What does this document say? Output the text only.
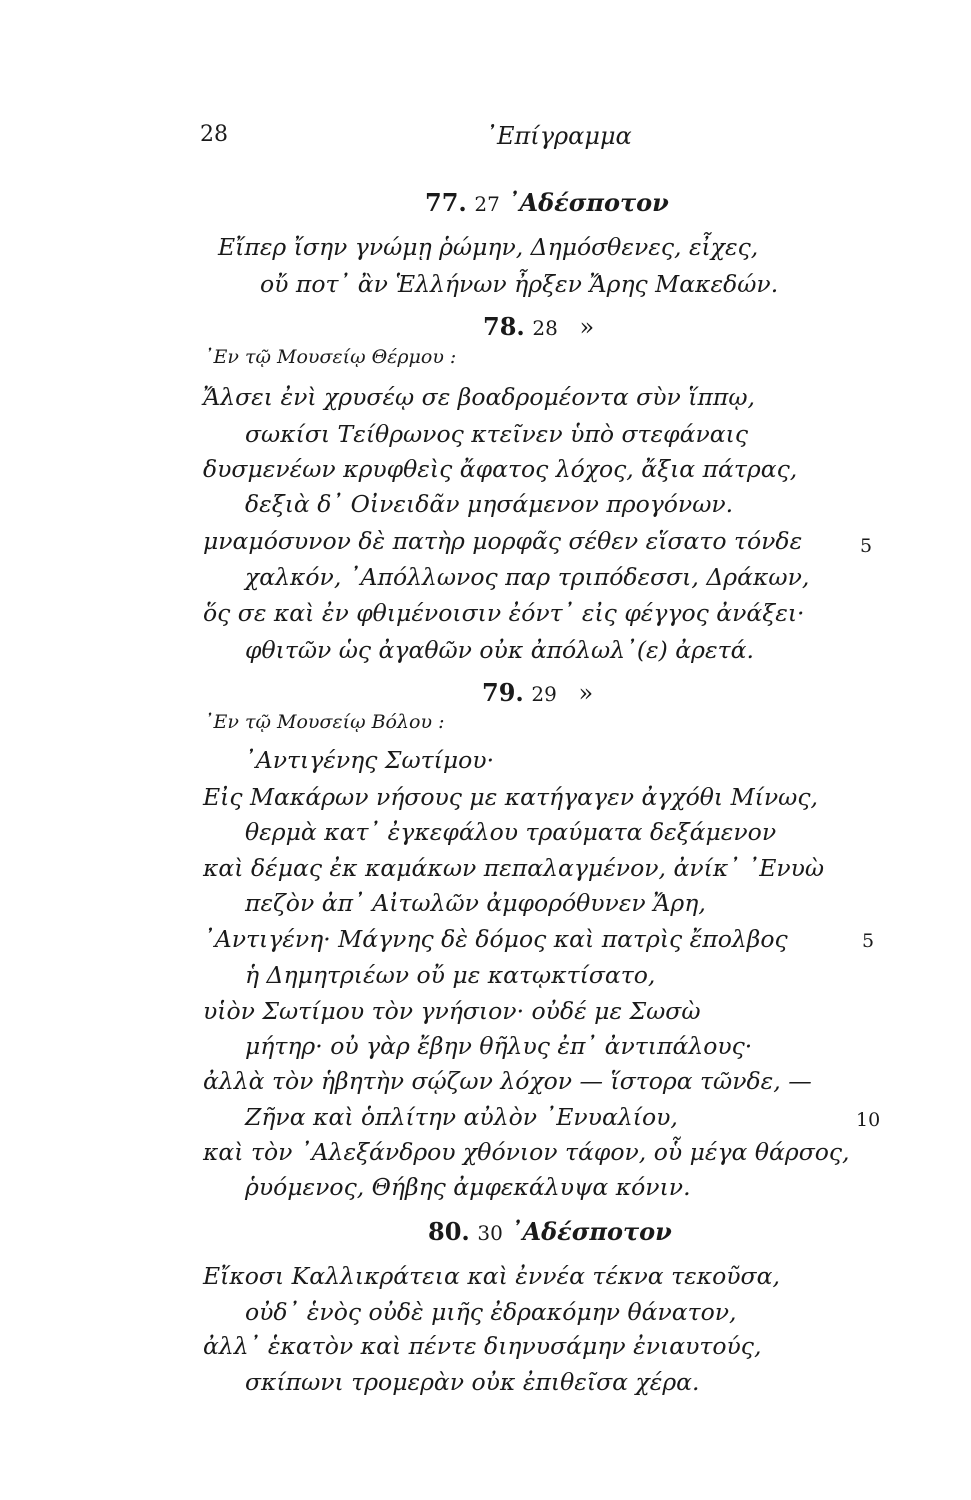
28	᾿Επίγραμμα
77. 27 ᾿Αδέσποτον
Εἴπερ ἴσην γνώμῃ ῥώμην, Δημόσθενες, εἶχες,
οὔ ποτ᾿ ἂν Ἑλλήνων ἦρξεν Ἄρης Μακεδών.
78. 28 »
᾿Εν τῷ Μουσείῳ Θέρμου :
Ἄλσει ἐνὶ χρυσέῳ σε βοαδρομέοντα σὺν ἵππῳ,
σωκίσι Τείθρωνος κτεῖνεν ὑπὸ στεφάναις
δυσμενέων κρυφθεὶς ἄφατος λόχος, ἄξια πάτρας,
δεξιὰ δ᾿ Οἰνειδᾶν μησάμενον προγόνων.
μναμόσυνον δὲ πατὴρ μορφᾶς σέθεν εἵσατο τόνδε	5
χαλκόν, ᾿Απόλλωνος παρ τριπόδεσσι, Δράκων,
ὅς σε καὶ ἐν φθιμένοισιν ἐόντ᾿ εἰς φέγγος ἀνάξει·
φθιτῶν ὡς ἀγαθῶν οὐκ ἀπόλωλ᾿(ε) ἀρετά.
79. 29 »
᾿Εν τῷ Μουσείῳ Βόλου :
᾿Αντιγένης Σωτίμου·
Εἰς Μακάρων νήσους με κατήγαγεν ἀγχόθι Μίνως,
θερμὰ κατ᾿ ἐγκεφάλου τραύματα δεξάμενον
καὶ δέμας ἐκ καμάκων πεπαλαγμένον, ἀνίκ᾿ ᾿Ενυὼ
πεζὸν ἀπ᾿ Αἰτωλῶν ἀμφορόθυνεν Ἄρη,
᾿Αντιγένη· Μάγνης δὲ δόμος καὶ πατρὶς ἔπολβος	5
ἡ Δημητριέων οὔ με κατῳκτίσατο,
υἱὸν Σωτίμου τὸν γνήσιον· οὐδέ με Σωσὼ
μήτηρ· οὐ γὰρ ἔβην θῆλυς ἐπ᾿ ἀντιπάλους·
ἀλλὰ τὸν ἡβητὴν σῴζων λόχον — ἵστορα τῶνδε, —
Ζῆνα καὶ ὁπλίτην αὐλὸν ᾿Ενυαλίου,	10
καὶ τὸν ᾿Αλεξάνδρου χθόνιον τάφον, οὗ μέγα θάρσος,
ῥυόμενος, Θήβης ἀμφεκάλυψα κόνιν.
80. 30 ᾿Αδέσποτον
Εἴκοσι Καλλικράτεια καὶ ἐννέα τέκνα τεκοῦσα,
οὐδ᾿ ἑνὸς οὐδὲ μιῆς ἐδρακόμην θάνατον,
ἀλλ᾿ ἑκατὸν καὶ πέντε διηνυσάμην ἐνιαυτούς,
σκίπωνι τρομερὰν οὐκ ἐπιθεῖσα χέρα.
